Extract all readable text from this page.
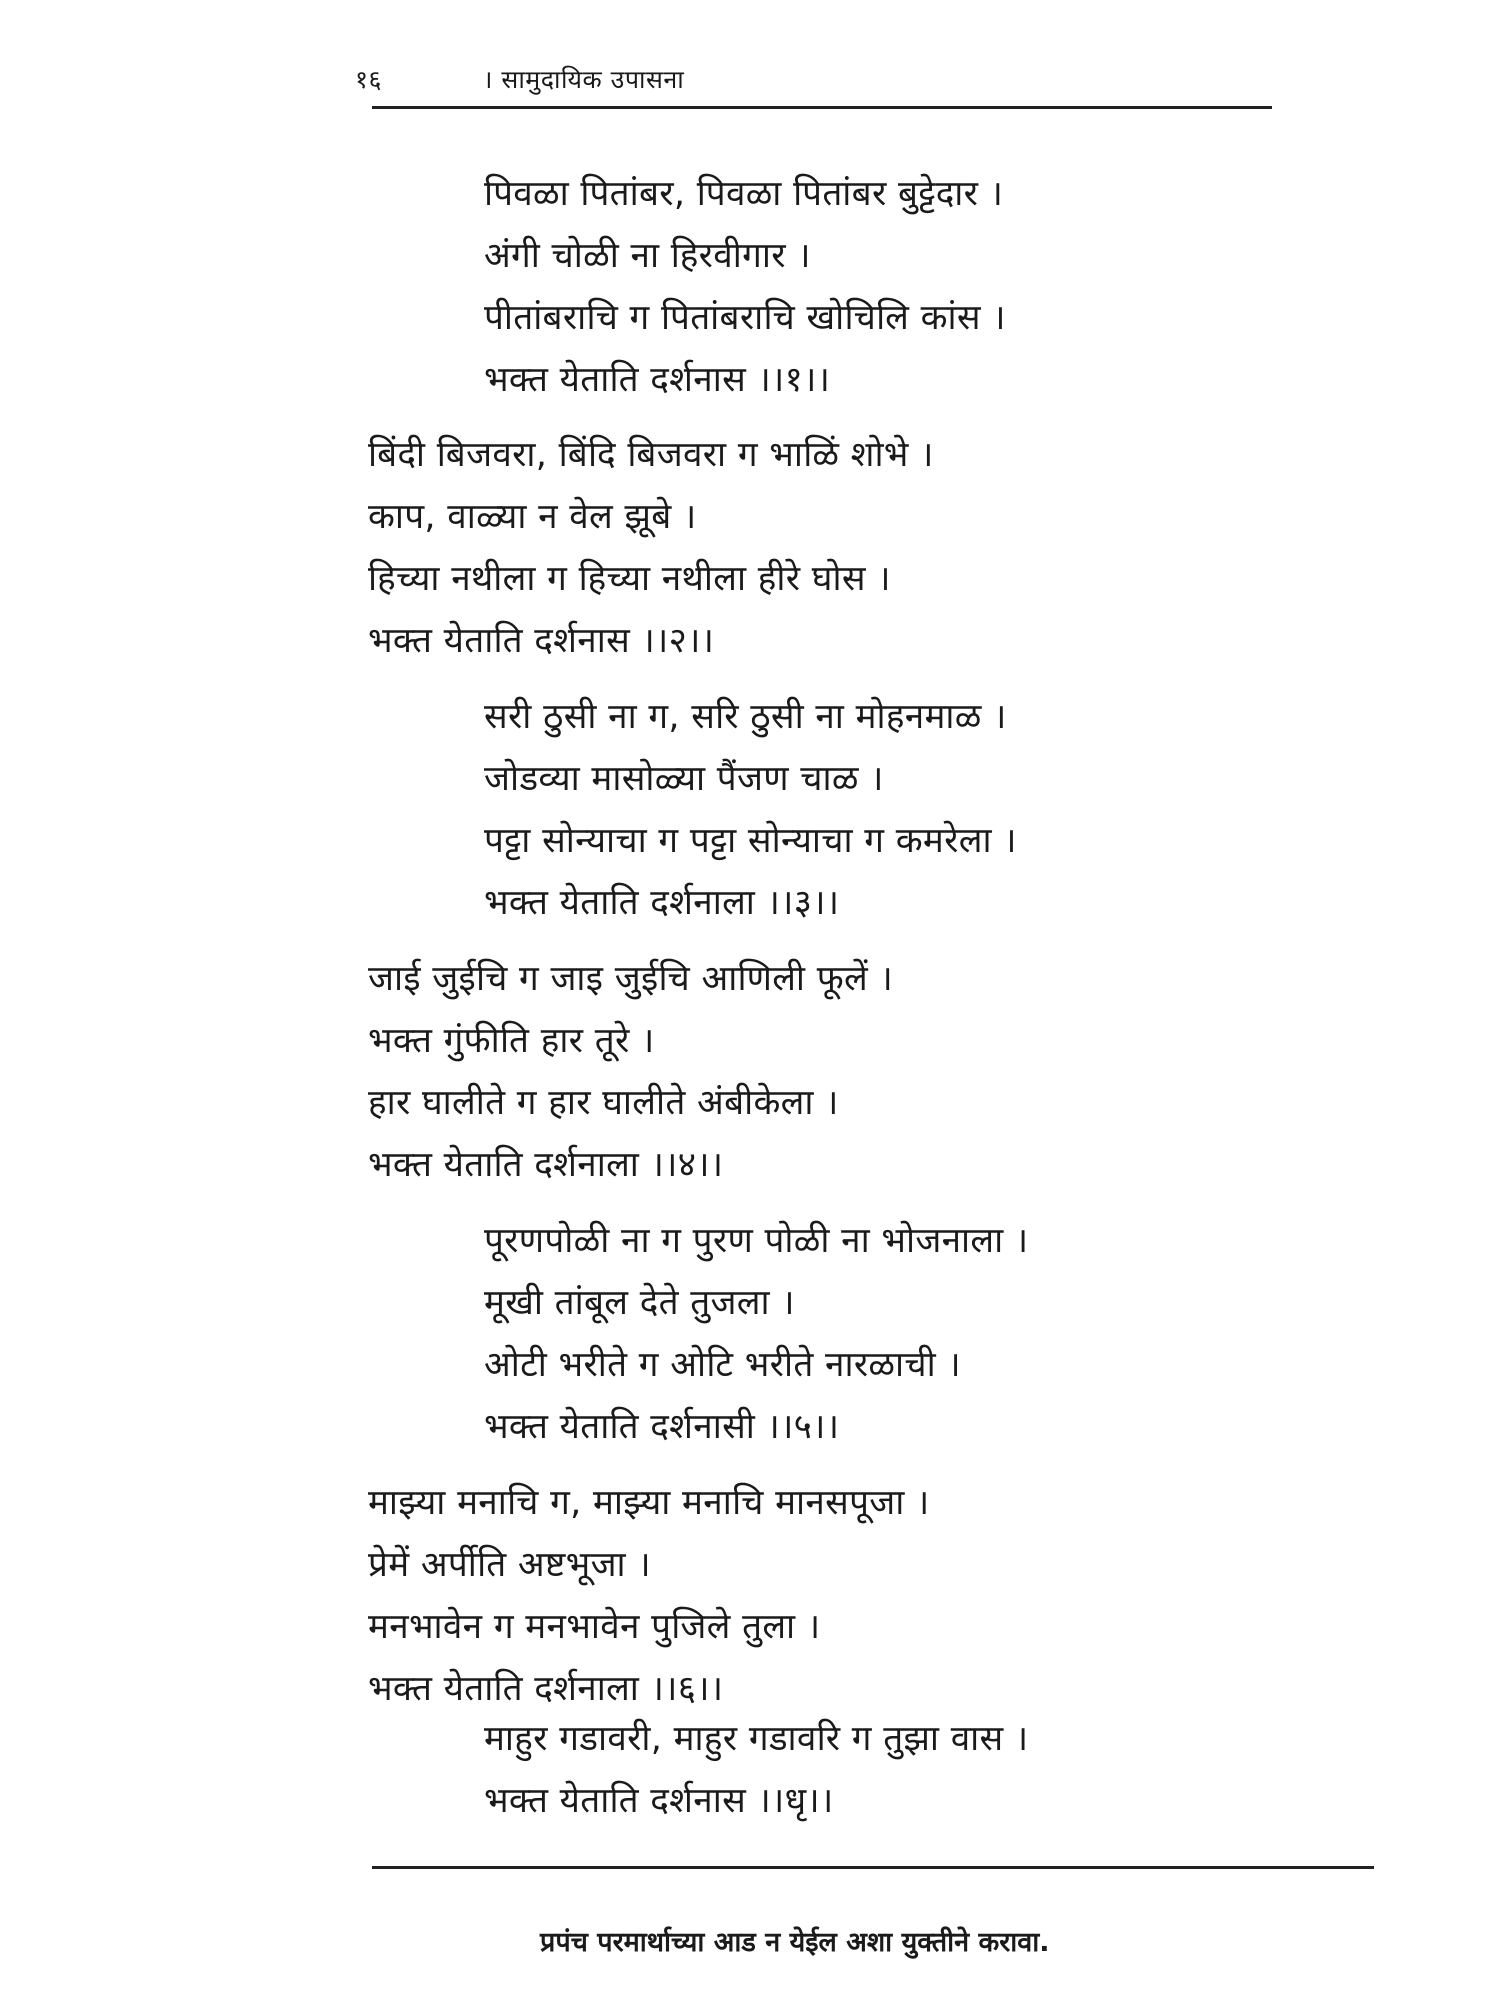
१६	। सामुदायिक उपासना
पिवळा पितांबर, पिवळा पितांबर बुट्टेदार ।
अंगी चोळी ना हिरवीगार ।
पीतांबराचि ग पितांबराचि खोचिलि कांस ।
भक्त येताति दर्शनास ।।१।।
बिंदी बिजवरा, बिंदि बिजवरा ग भाळिं शोभे ।
काप, वाळ्या न वेल झूबे ।
हिच्या नथीला ग हिच्या नथीला हीरे घोस ।
भक्त येताति दर्शनास ।।२।।
सरी ठुसी ना ग, सरि ठुसी ना मोहनमाळ ।
जोडव्या मासोळ्या पैंजण चाळ ।
पट्टा सोन्याचा ग पट्टा सोन्याचा ग कमरेला ।
भक्त येताति दर्शनाला ।।३।।
जाई जुईचि ग जाइ जुईचि आणिली फूलें ।
भक्त गुंफीति हार तूरे ।
हार घालीते ग हार घालीते अंबीकेला ।
भक्त येताति दर्शनाला ।।४।।
पूरणपोळी ना ग पुरण पोळी ना भोजनाला ।
मूखी तांबूल देते तुजला ।
ओटी भरीते ग ओटि भरीते नारळाची ।
भक्त येताति दर्शनासी ।।५।।
माझ्या मनाचि ग, माझ्या मनाचि मानसपूजा ।
प्रेमें अर्पीति अष्टभूजा ।
मनभावेन ग मनभावेन पुजिले तुला ।
भक्त येताति दर्शनाला ।।६।।
माहुर गडावरी, माहुर गडावरि ग तुझा वास ।
भक्त येताति दर्शनास ।।धृ।।
प्रपंच परमार्थाच्या आड न येईल अशा युक्तीने करावा.
